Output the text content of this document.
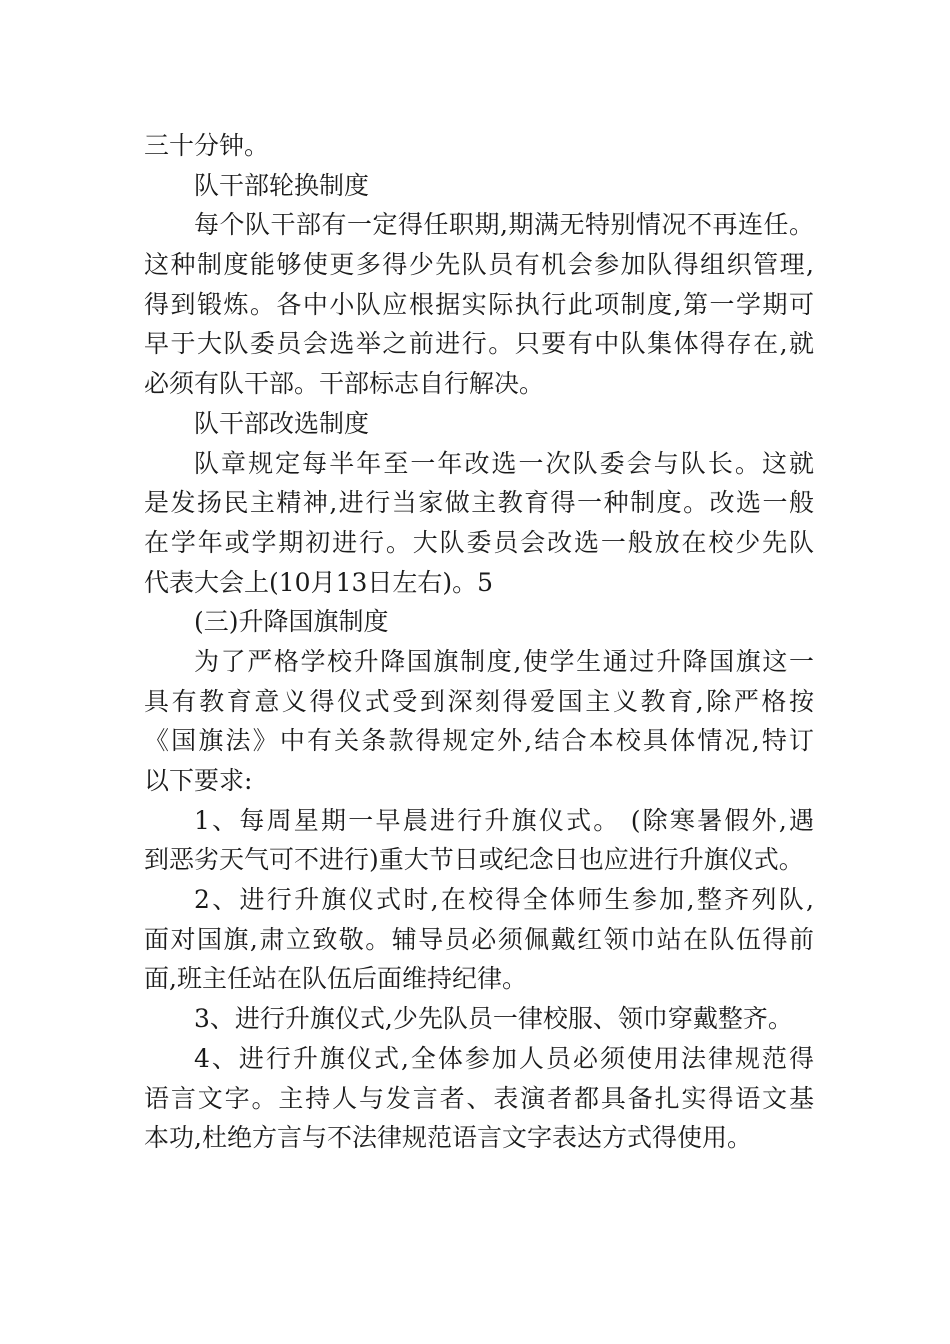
三十分钟。
队干部轮换制度
每个队干部有一定得任职期,期满无特别情况不再连任。
这种制度能够使更多得少先队员有机会参加队得组织管理,
得到锻炼。各中小队应根据实际执行此项制度,第一学期可
早于大队委员会选举之前进行。只要有中队集体得存在,就
必须有队干部。干部标志自行解决。
队干部改选制度
队章规定每半年至一年改选一次队委会与队长。这就
是发扬民主精神,进行当家做主教育得一种制度。改选一般
在学年或学期初进行。大队委员会改选一般放在校少先队
代表大会上(10月13日左右)。5
(三)升降国旗制度
为了严格学校升降国旗制度,使学生通过升降国旗这一
具有教育意义得仪式受到深刻得爱国主义教育,除严格按
《国旗法》中有关条款得规定外,结合本校具体情况,特订
以下要求:
1、每周星期一早晨进行升旗仪式。 (除寒暑假外,遇
到恶劣天气可不进行)重大节日或纪念日也应进行升旗仪式。
2、进行升旗仪式时,在校得全体师生参加,整齐列队,
面对国旗,肃立致敬。辅导员必须佩戴红领巾站在队伍得前
面,班主任站在队伍后面维持纪律。
3、进行升旗仪式,少先队员一律校服、领巾穿戴整齐。
4、进行升旗仪式,全体参加人员必须使用法律规范得
语言文字。主持人与发言者、表演者都具备扎实得语文基
本功,杜绝方言与不法律规范语言文字表达方式得使用。
